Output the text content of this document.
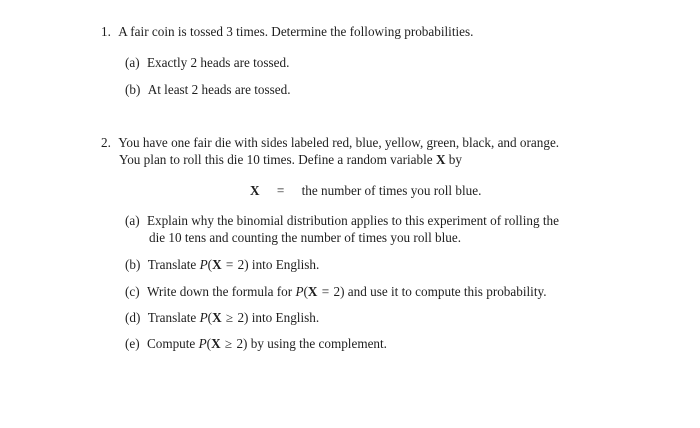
1. A fair coin is tossed 3 times. Determine the following probabilities.
(a) Exactly 2 heads are tossed.
(b) At least 2 heads are tossed.
2. You have one fair die with sides labeled red, blue, yellow, green, black, and orange.
You plan to roll this die 10 times. Define a random variable X by
X = the number of times you roll blue.
(a) Explain why the binomial distribution applies to this experiment of rolling the
die 10 tens and counting the number of times you roll blue.
(b) Translate P(X = 2) into English.
(c) Write down the formula for P(X = 2) and use it to compute this probability.
(d) Translate P(X ≥ 2) into English.
(e) Compute P(X ≥ 2) by using the complement.
